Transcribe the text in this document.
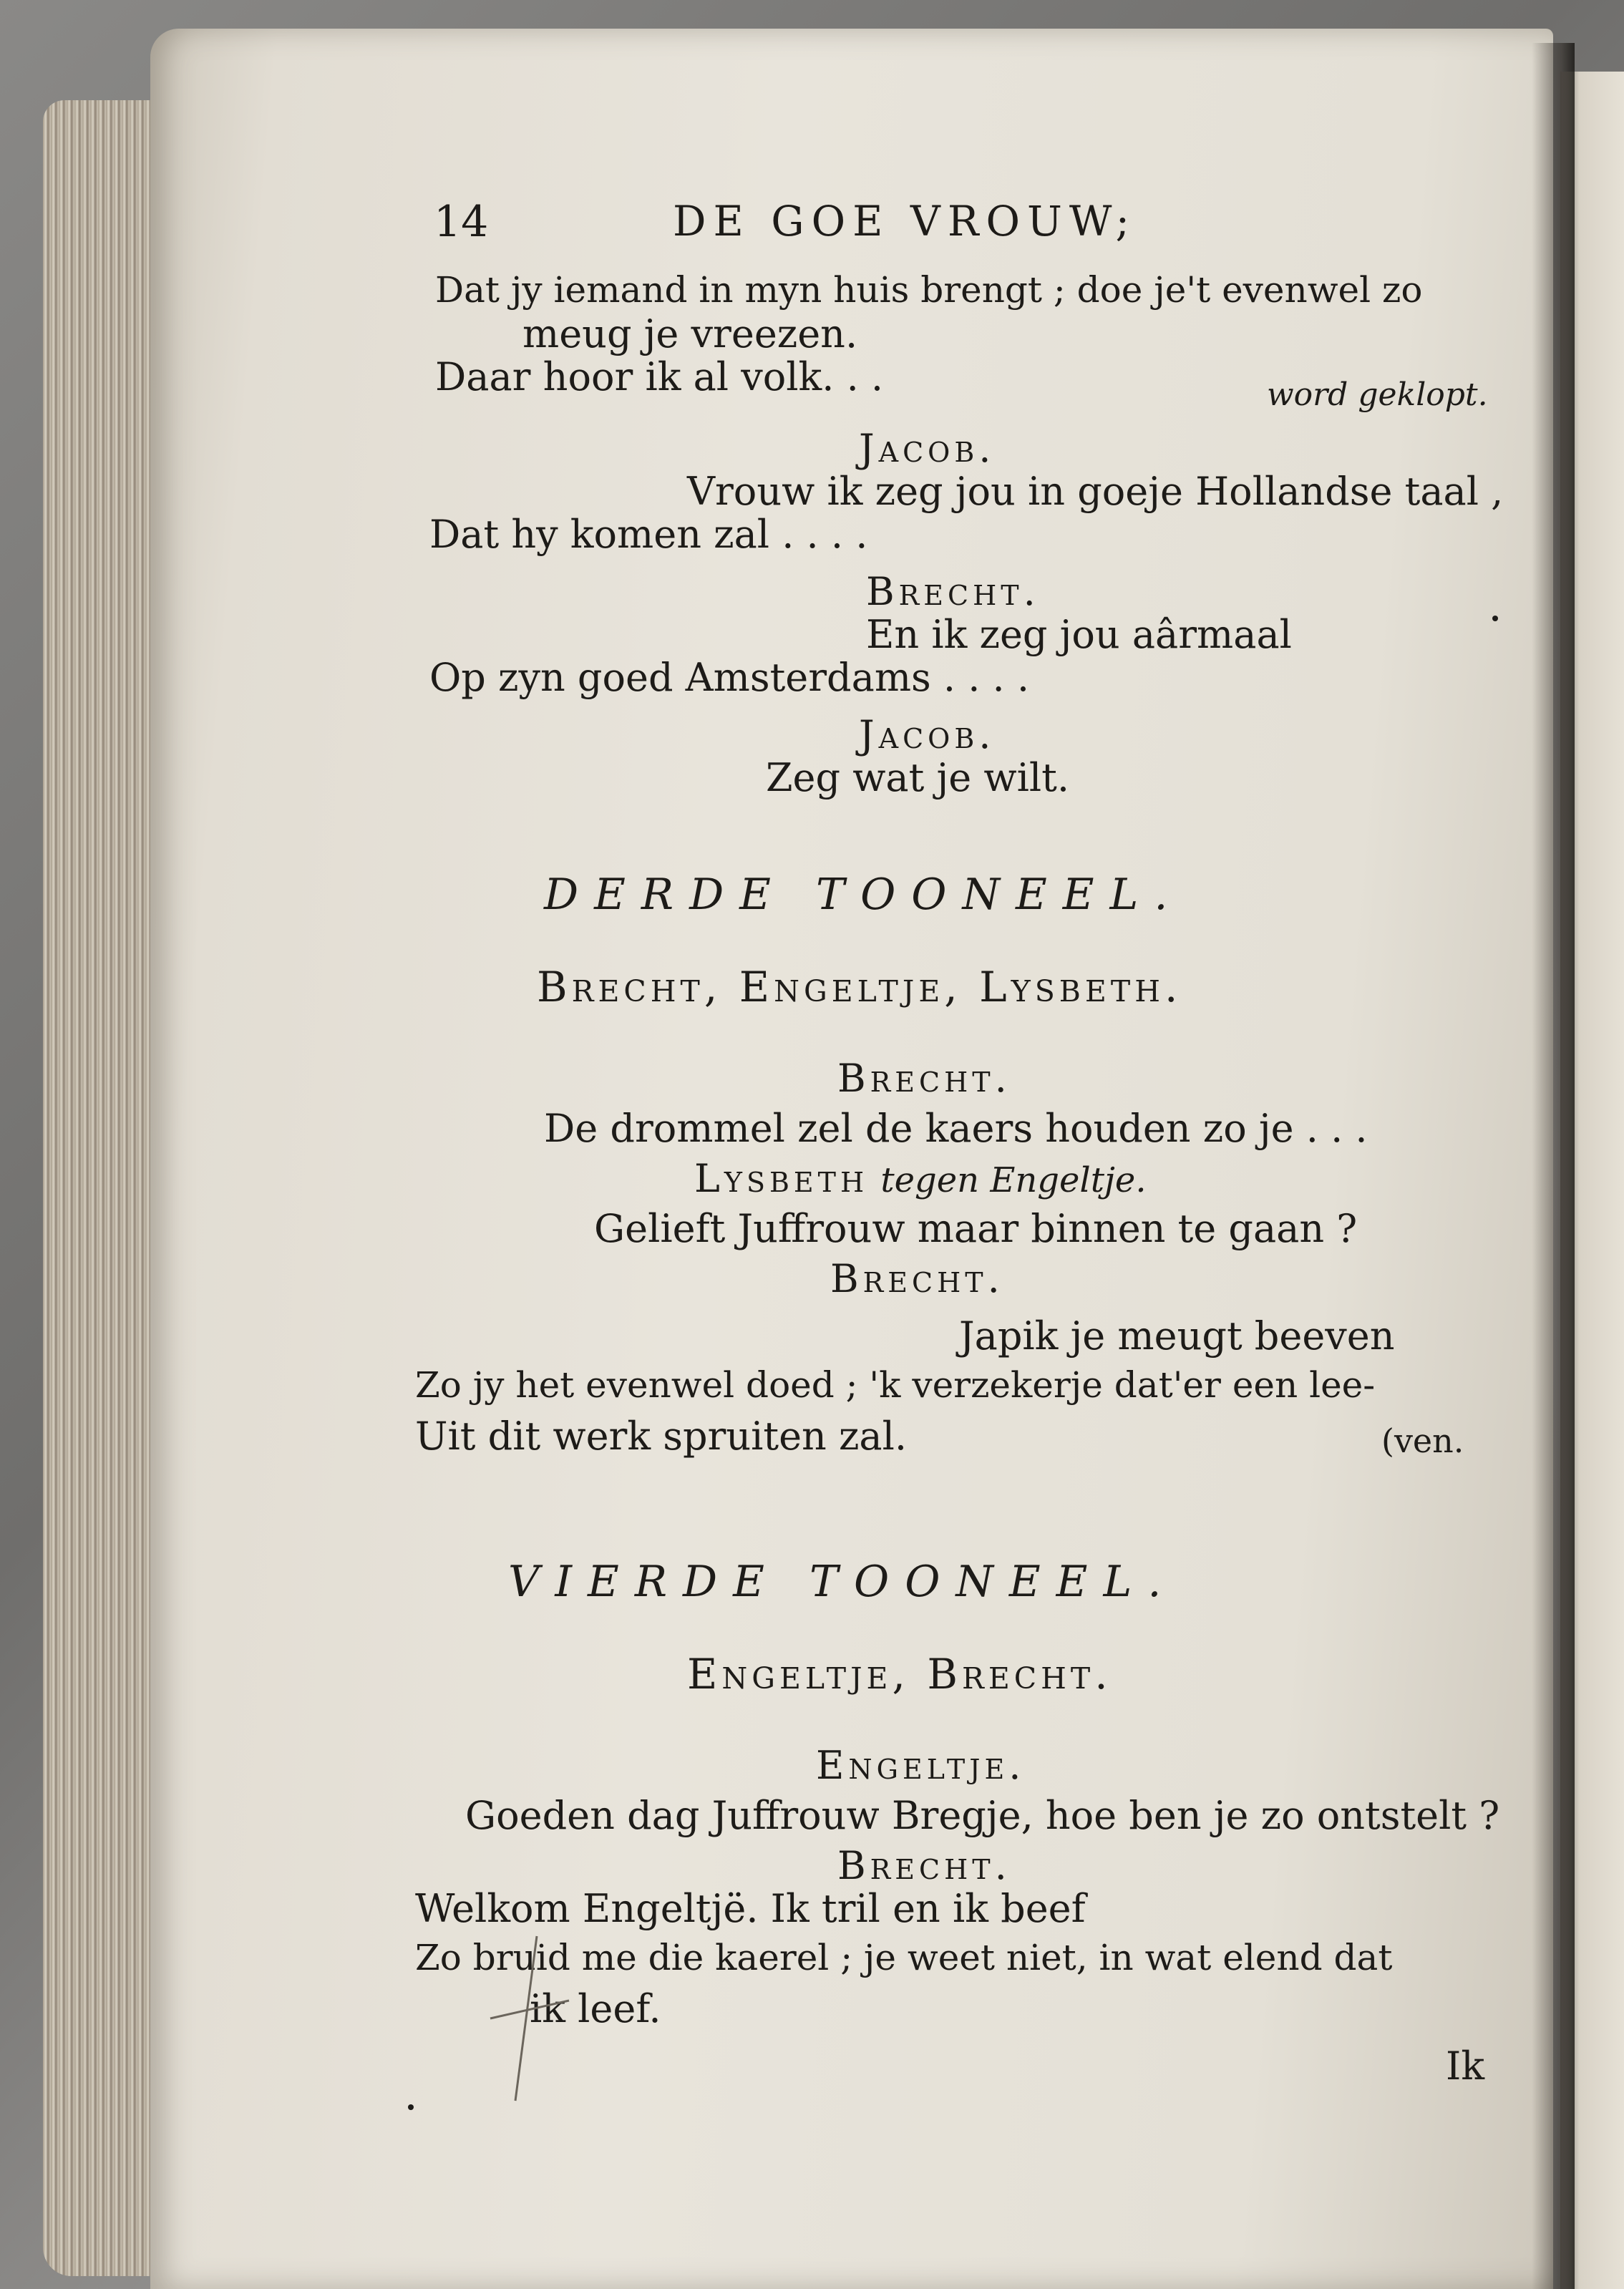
14	DE GOE VROUW;
Dat jy iemand in myn huis brengt ; doe je't evenwel zo
meug je vreezen.
Daar hoor ik al volk. . .	word geklopt.
Jacob.
Vrouw ik zeg jou in goeje Hollandse taal ,
Dat hy komen zal . . . .
Brecht.
En ik zeg jou aârmaal
Op zyn goed Amsterdams . . . .
Jacob.
Zeg wat je wilt.
DERDE TOONEEL.
Brecht, Engeltje, Lysbeth.
Brecht.
De drommel zel de kaers houden zo je . . .
Lysbeth tegen Engeltje.
Gelieft Juffrouw maar binnen te gaan ?
Brecht.
Japik je meugt beeven
Zo jy het evenwel doed ; 'k verzekerje dat'er een lee-
Uit dit werk spruiten zal.	(ven.
VIERDE TOONEEL.
Engeltje, Brecht.
Engeltje.
Goeden dag Juffrouw Bregje, hoe ben je zo ontstelt ?
Brecht.
Welkom Engeltjë. Ik tril en ik beef
Zo bruid me die kaerel ; je weet niet, in wat elend dat
ik leef.
Ik
